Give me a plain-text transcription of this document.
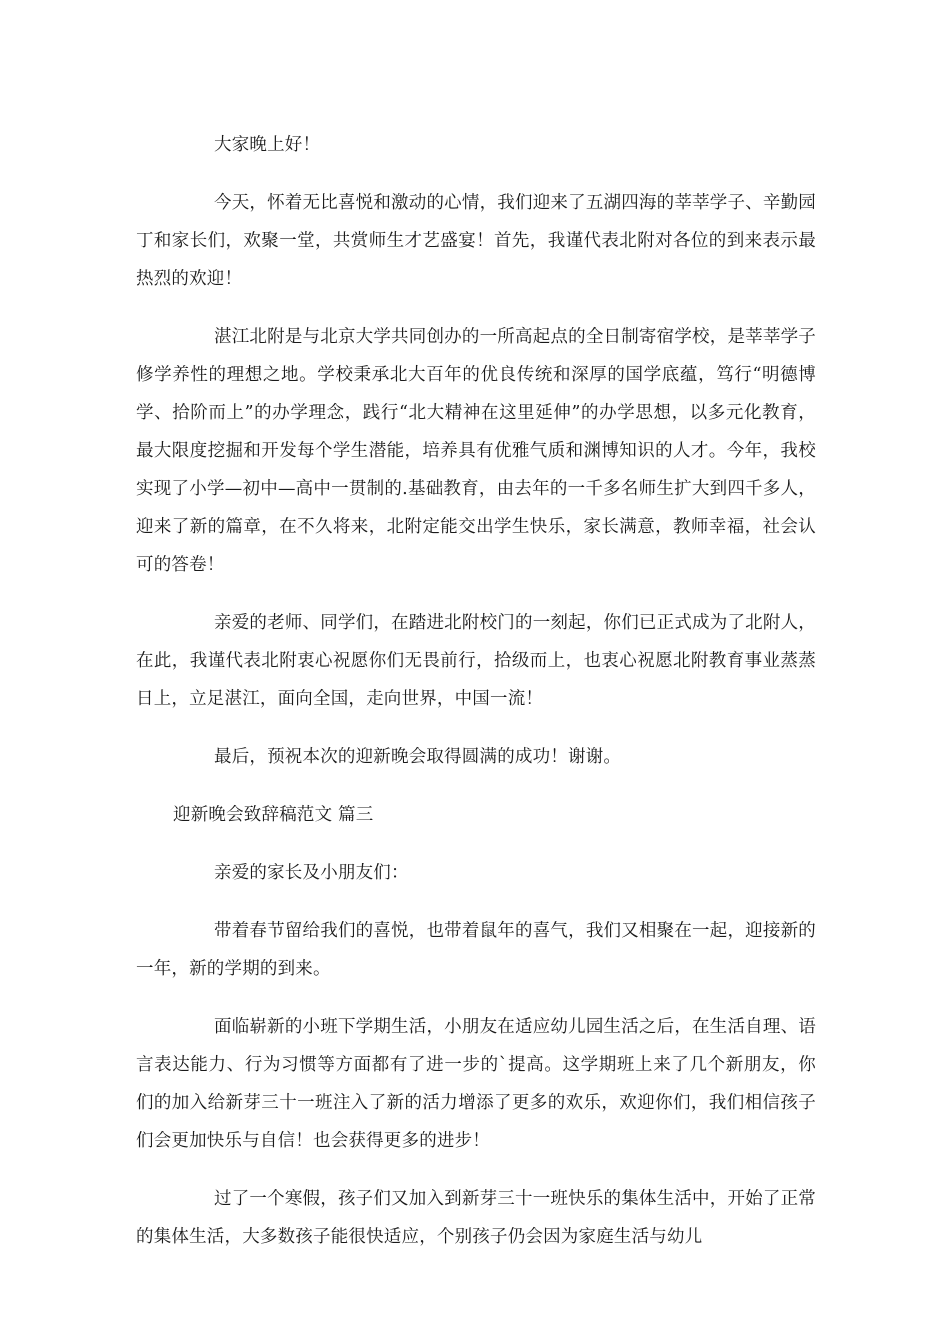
大家晚上好！

今天，怀着无比喜悦和激动的心情，我们迎来了五湖四海的莘莘学子、辛勤园丁和家长们，欢聚一堂，共赏师生才艺盛宴！首先，我谨代表北附对各位的到来表示最热烈的欢迎！

湛江北附是与北京大学共同创办的一所高起点的全日制寄宿学校，是莘莘学子修学养性的理想之地。学校秉承北大百年的优良传统和深厚的国学底蕴，笃行“明德博学、拾阶而上”的办学理念，践行“北大精神在这里延伸”的办学思想，以多元化教育，最大限度挖掘和开发每个学生潜能，培养具有优雅气质和渊博知识的人才。今年，我校实现了小学—初中—高中一贯制的.基础教育，由去年的一千多名师生扩大到四千多人，迎来了新的篇章，在不久将来，北附定能交出学生快乐，家长满意，教师幸福，社会认可的答卷！

亲爱的老师、同学们，在踏进北附校门的一刻起，你们已正式成为了北附人，在此，我谨代表北附衷心祝愿你们无畏前行，拾级而上，也衷心祝愿北附教育事业蒸蒸日上，立足湛江，面向全国，走向世界，中国一流！

最后，预祝本次的迎新晚会取得圆满的成功！谢谢。

迎新晚会致辞稿范文 篇三

亲爱的家长及小朋友们：

带着春节留给我们的喜悦，也带着鼠年的喜气，我们又相聚在一起，迎接新的一年，新的学期的到来。

面临崭新的小班下学期生活，小朋友在适应幼儿园生活之后，在生活自理、语言表达能力、行为习惯等方面都有了进一步的`提高。这学期班上来了几个新朋友，你们的加入给新芽三十一班注入了新的活力增添了更多的欢乐，欢迎你们，我们相信孩子们会更加快乐与自信！也会获得更多的进步！

过了一个寒假，孩子们又加入到新芽三十一班快乐的集体生活中，开始了正常的集体生活，大多数孩子能很快适应，个别孩子仍会因为家庭生活与幼儿
